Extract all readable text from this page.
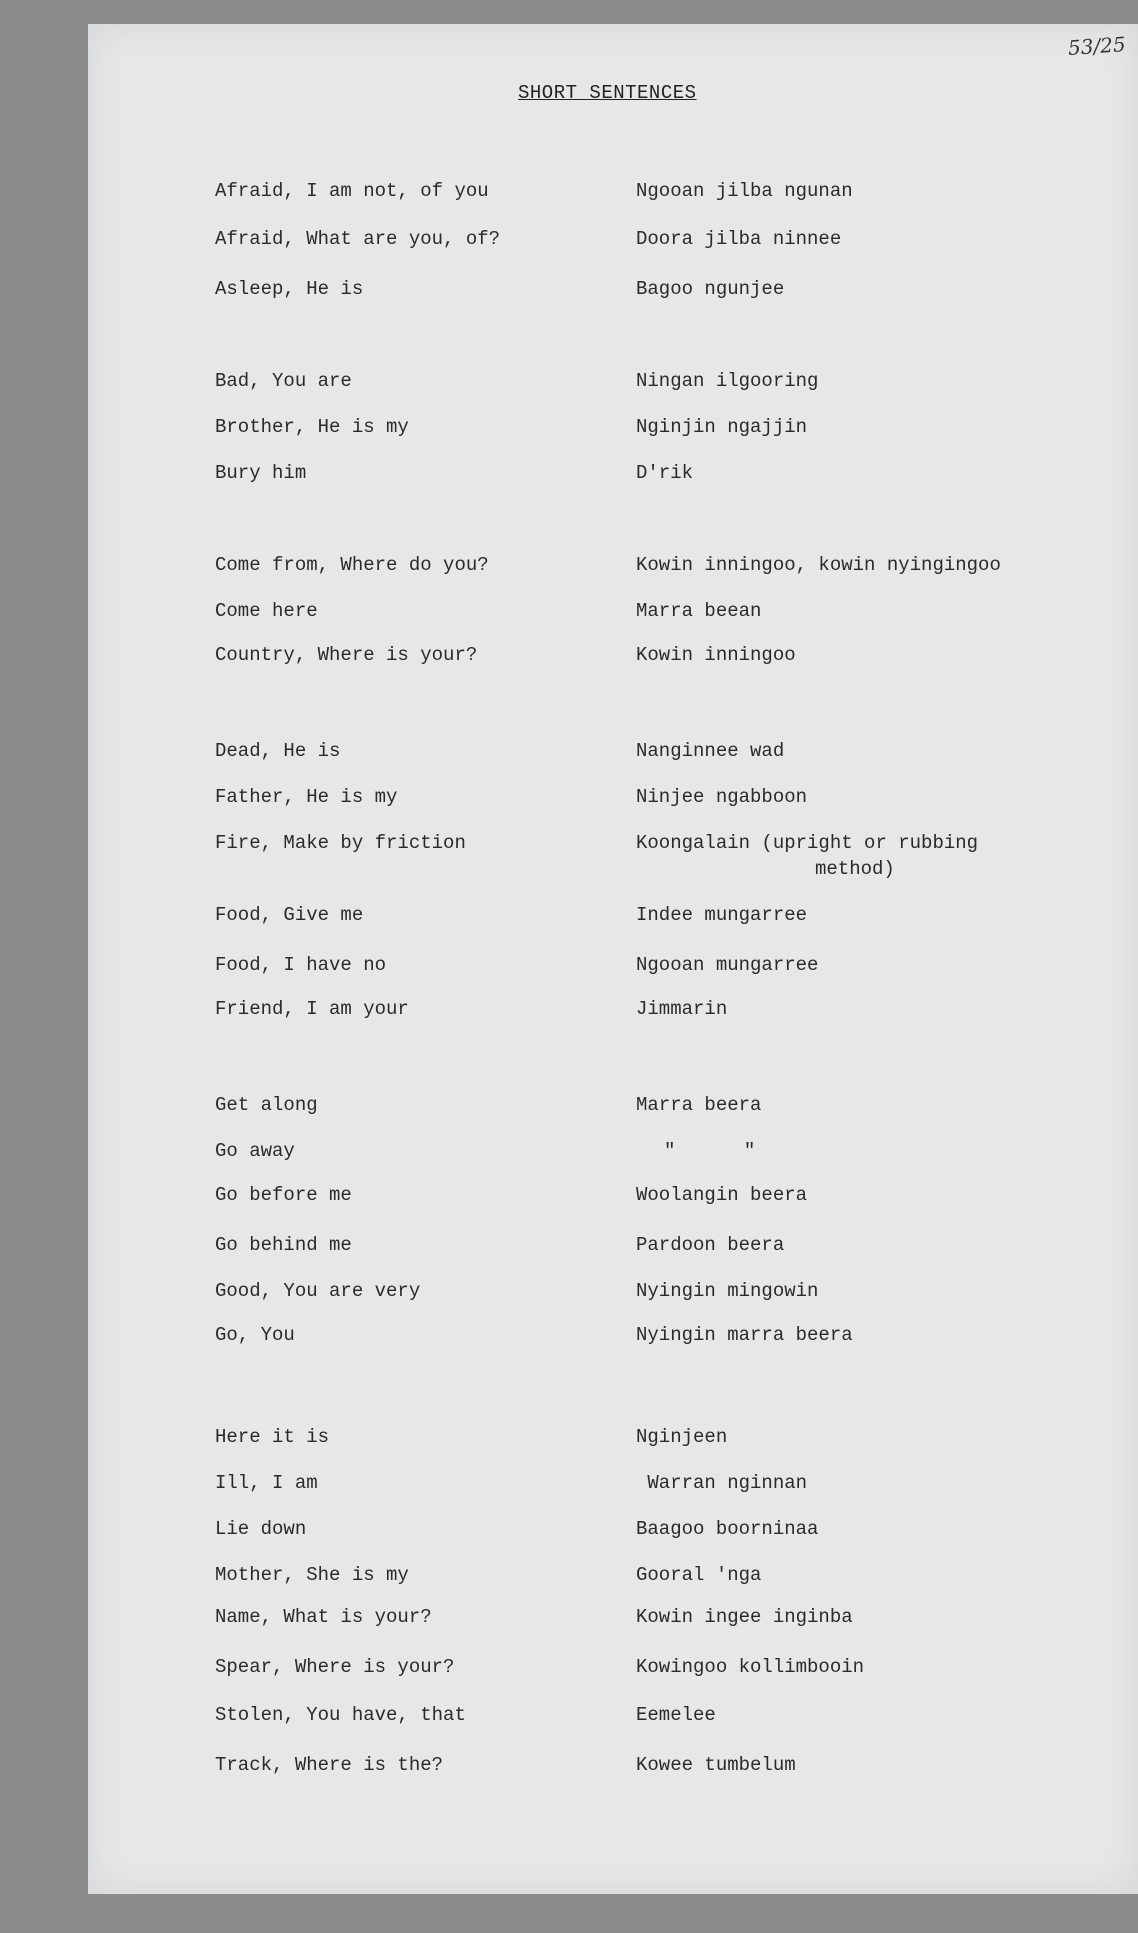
53/25
SHORT SENTENCES
Afraid, I am not, of you	Ngooan jilba ngunan
Afraid, What are you, of?	Doora jilba ninnee
Asleep, He is	Bagoo ngunjee
Bad, You are	Ningan ilgooring
Brother, He is my	Nginjin ngajjin
Bury him	D'rik
Come from, Where do you?	Kowin inningoo, kowin nyingingoo
Come here	Marra beean
Country, Where is your?	Kowin inningoo
Dead, He is	Nanginnee wad
Father, He is my	Ninjee ngabboon
Fire, Make by friction	Koongalain (upright or rubbing
method)
Food, Give me	Indee mungarree
Food, I have no	Ngooan mungarree
Friend, I am your	Jimmarin
Get along	Marra beera
Go away	"      "
Go before me	Woolangin beera
Go behind me	Pardoon beera
Good, You are very	Nyingin mingowin
Go, You	Nyingin marra beera
Here it is	Nginjeen
Ill, I am	Warran nginnan
Lie down	Baagoo boorninaa
Mother, She is my	Gooral 'nga
Name, What is your?	Kowin ingee inginba
Spear, Where is your?	Kowingoo kollimbooin
Stolen, You have, that	Eemelee
Track, Where is the?	Kowee tumbelum
